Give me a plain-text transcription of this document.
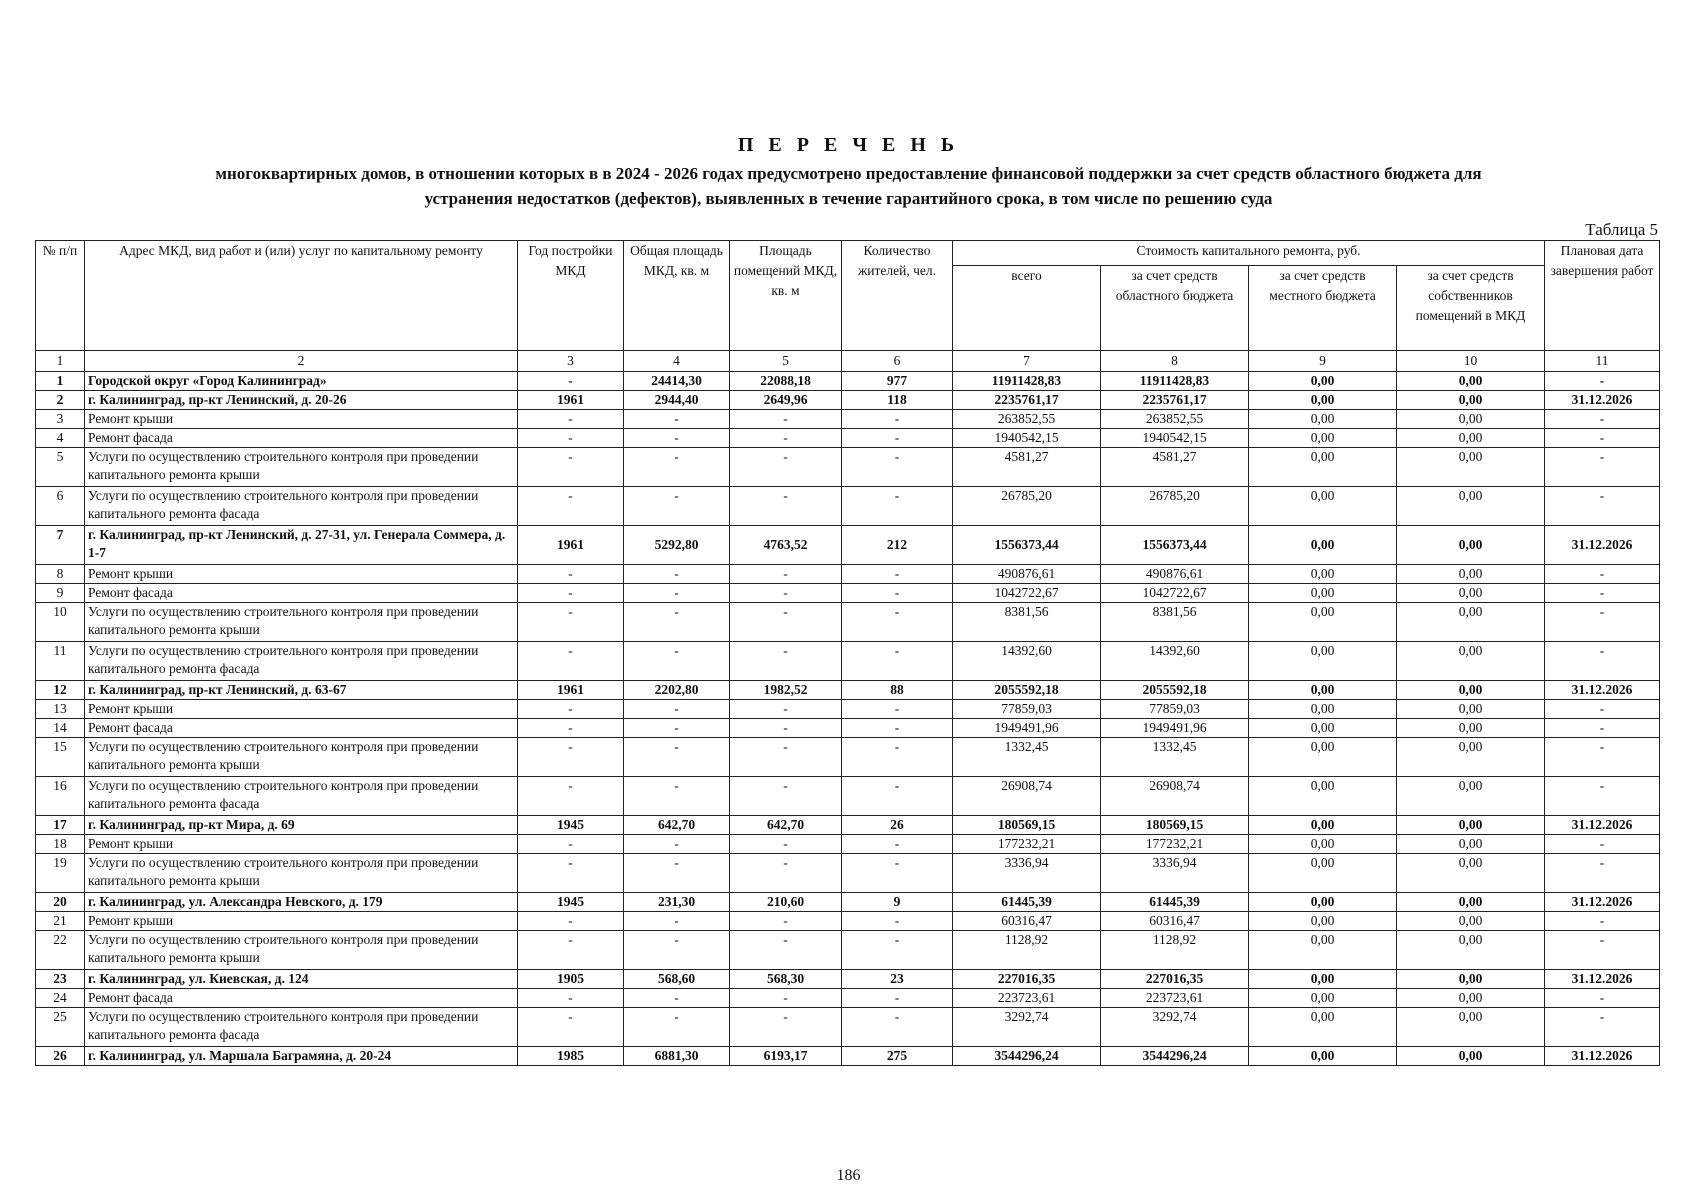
П Е Р Е Ч Е Н Ь
многоквартирных домов, в отношении которых в в 2024 - 2026 годах предусмотрено предоставление финансовой поддержки за счет средств областного бюджета для
устранения недостатков (дефектов), выявленных в течение гарантийного срока, в том числе по решению суда
Таблица 5
№ п/п	Адрес МКД, вид работ и (или) услуг по капитальному ремонту	Год постройки МКД	Общая площадь МКД, кв. м	Площадь помещений МКД, кв. м	Количество жителей, чел.	Стоимость капитального ремонта, руб.				Плановая дата завершения работ
						всего	за счет средств областного бюджета	за счет средств местного бюджета	за счет средств собственников помещений в МКД	
1	2	3	4	5	6	7	8	9	10	11
1	Городской округ «Город Калининград»	-	24414,30	22088,18	977	11911428,83	11911428,83	0,00	0,00	-
2	г. Калининград, пр-кт Ленинский, д. 20-26	1961	2944,40	2649,96	118	2235761,17	2235761,17	0,00	0,00	31.12.2026
3	Ремонт крыши	-	-	-	-	263852,55	263852,55	0,00	0,00	-
4	Ремонт фасада	-	-	-	-	1940542,15	1940542,15	0,00	0,00	-
5	Услуги по осуществлению строительного контроля при проведении капитального ремонта крыши	-	-	-	-	4581,27	4581,27	0,00	0,00	-
6	Услуги по осуществлению строительного контроля при проведении капитального ремонта фасада	-	-	-	-	26785,20	26785,20	0,00	0,00	-
7	г. Калининград, пр-кт Ленинский, д. 27-31, ул. Генерала Соммера, д. 1-7	1961	5292,80	4763,52	212	1556373,44	1556373,44	0,00	0,00	31.12.2026
8	Ремонт крыши	-	-	-	-	490876,61	490876,61	0,00	0,00	-
9	Ремонт фасада	-	-	-	-	1042722,67	1042722,67	0,00	0,00	-
10	Услуги по осуществлению строительного контроля при проведении капитального ремонта крыши	-	-	-	-	8381,56	8381,56	0,00	0,00	-
11	Услуги по осуществлению строительного контроля при проведении капитального ремонта фасада	-	-	-	-	14392,60	14392,60	0,00	0,00	-
12	г. Калининград, пр-кт Ленинский, д. 63-67	1961	2202,80	1982,52	88	2055592,18	2055592,18	0,00	0,00	31.12.2026
13	Ремонт крыши	-	-	-	-	77859,03	77859,03	0,00	0,00	-
14	Ремонт фасада	-	-	-	-	1949491,96	1949491,96	0,00	0,00	-
15	Услуги по осуществлению строительного контроля при проведении капитального ремонта крыши	-	-	-	-	1332,45	1332,45	0,00	0,00	-
16	Услуги по осуществлению строительного контроля при проведении капитального ремонта фасада	-	-	-	-	26908,74	26908,74	0,00	0,00	-
17	г. Калининград, пр-кт Мира, д. 69	1945	642,70	642,70	26	180569,15	180569,15	0,00	0,00	31.12.2026
18	Ремонт крыши	-	-	-	-	177232,21	177232,21	0,00	0,00	-
19	Услуги по осуществлению строительного контроля при проведении капитального ремонта крыши	-	-	-	-	3336,94	3336,94	0,00	0,00	-
20	г. Калининград, ул. Александра Невского, д. 179	1945	231,30	210,60	9	61445,39	61445,39	0,00	0,00	31.12.2026
21	Ремонт крыши	-	-	-	-	60316,47	60316,47	0,00	0,00	-
22	Услуги по осуществлению строительного контроля при проведении капитального ремонта крыши	-	-	-	-	1128,92	1128,92	0,00	0,00	-
23	г. Калининград, ул. Киевская, д. 124	1905	568,60	568,30	23	227016,35	227016,35	0,00	0,00	31.12.2026
24	Ремонт фасада	-	-	-	-	223723,61	223723,61	0,00	0,00	-
25	Услуги по осуществлению строительного контроля при проведении капитального ремонта фасада	-	-	-	-	3292,74	3292,74	0,00	0,00	-
26	г. Калининград, ул. Маршала Баграмяна, д. 20-24	1985	6881,30	6193,17	275	3544296,24	3544296,24	0,00	0,00	31.12.2026
186
